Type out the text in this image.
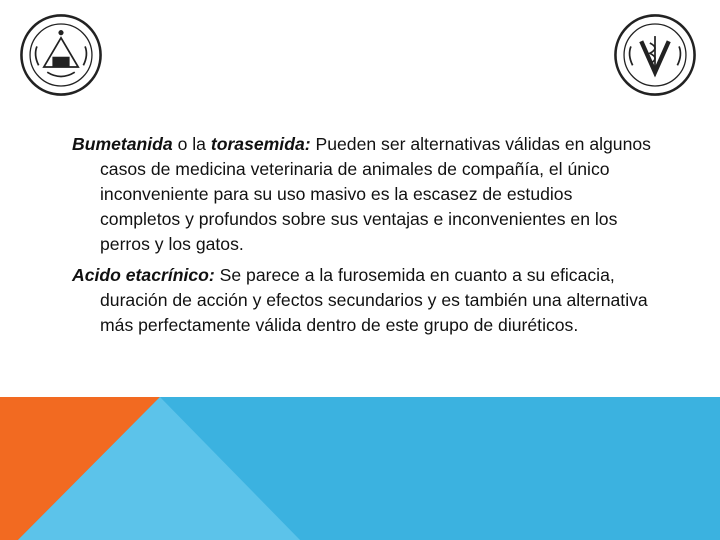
Bumetanida o la torasemida: Pueden ser alternativas válidas en algunos casos de medicina veterinaria de animales de compañía, el único inconveniente para su uso masivo es la escasez de estudios completos y profundos sobre sus ventajas e inconvenientes en los perros y los gatos.

Acido etacrínico: Se parece a la furosemida en cuanto a su eficacia, duración de acción y efectos secundarios y es también una alternativa más perfectamente válida dentro de este grupo de diuréticos.
